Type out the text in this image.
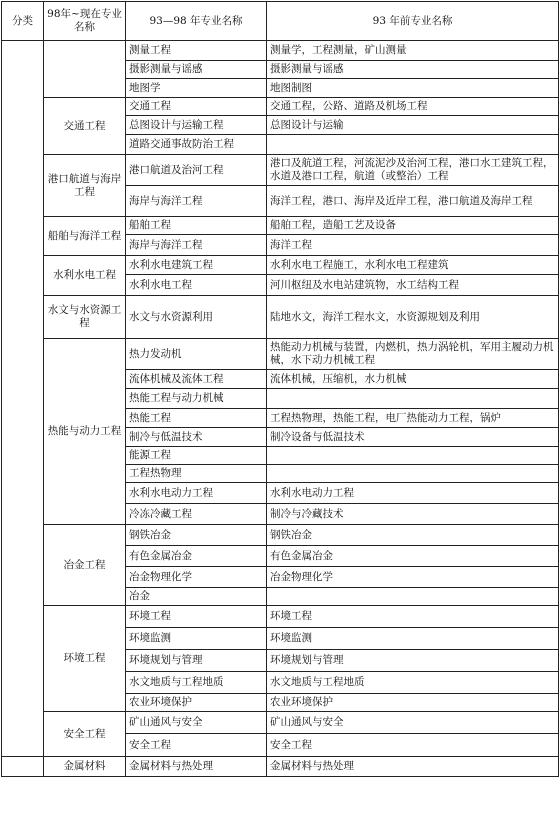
分类	98年~现在专业名称	93—98 年专业名称	93 年前专业名称
		测量工程	测量学，工程测量，矿山测量
		摄影测量与谣感	摄影测量与谣感
		地图学	地图制图
	交通工程	交通工程	交通工程，公路、道路及机场工程
		总图设计与运输工程	总图设计与运输
		道路交通事故防治工程	
	港口航道与海岸工程	港口航道及治河工程	港口及航道工程，河流泥沙及治河工程，港口水工建筑工程，水道及港口工程，航道（或整治）工程
		海岸与海洋工程	海洋工程，港口、海岸及近岸工程，港口航道及海岸工程
	船舶与海洋工程	船舶工程	船舶工程，造船工艺及设备
		海岸与海洋工程	海洋工程
	水利水电工程	水利水电建筑工程	水利水电工程施工，水利水电工程建筑
		水利水电工程	河川枢纽及水电站建筑物，水工结构工程
	水文与水资源工程	水文与水资源利用	陆地水文，海洋工程水文，水资源规划及利用
	热能与动力工程	热力发动机	热能动力机械与装置，内燃机，热力涡轮机，军用主履动力机械，水下动力机械工程
		流体机械及流体工程	流体机械，压缩机，水力机械
		热能工程与动力机械	
		热能工程	工程热物理，热能工程，电厂热能动力工程，锅炉
		制冷与低温技术	制冷设备与低温技术
		能源工程	
		工程热物理	
		水利水电动力工程	水利水电动力工程
		冷冻冷藏工程	制冷与冷藏技术
	冶金工程	钢铁冶金	钢铁冶金
		有色金属冶金	有色金属冶金
		冶金物理化学	冶金物理化学
		冶金	
	环境工程	环境工程	环境工程
		环境监测	环境监测
		环境规划与管理	环境规划与管理
		水文地质与工程地质	水文地质与工程地质
		农业环境保护	农业环境保护
	安全工程	矿山通风与安全	矿山通风与安全
		安全工程	安全工程
	金属材料	金属材料与热处理	金属材料与热处理
